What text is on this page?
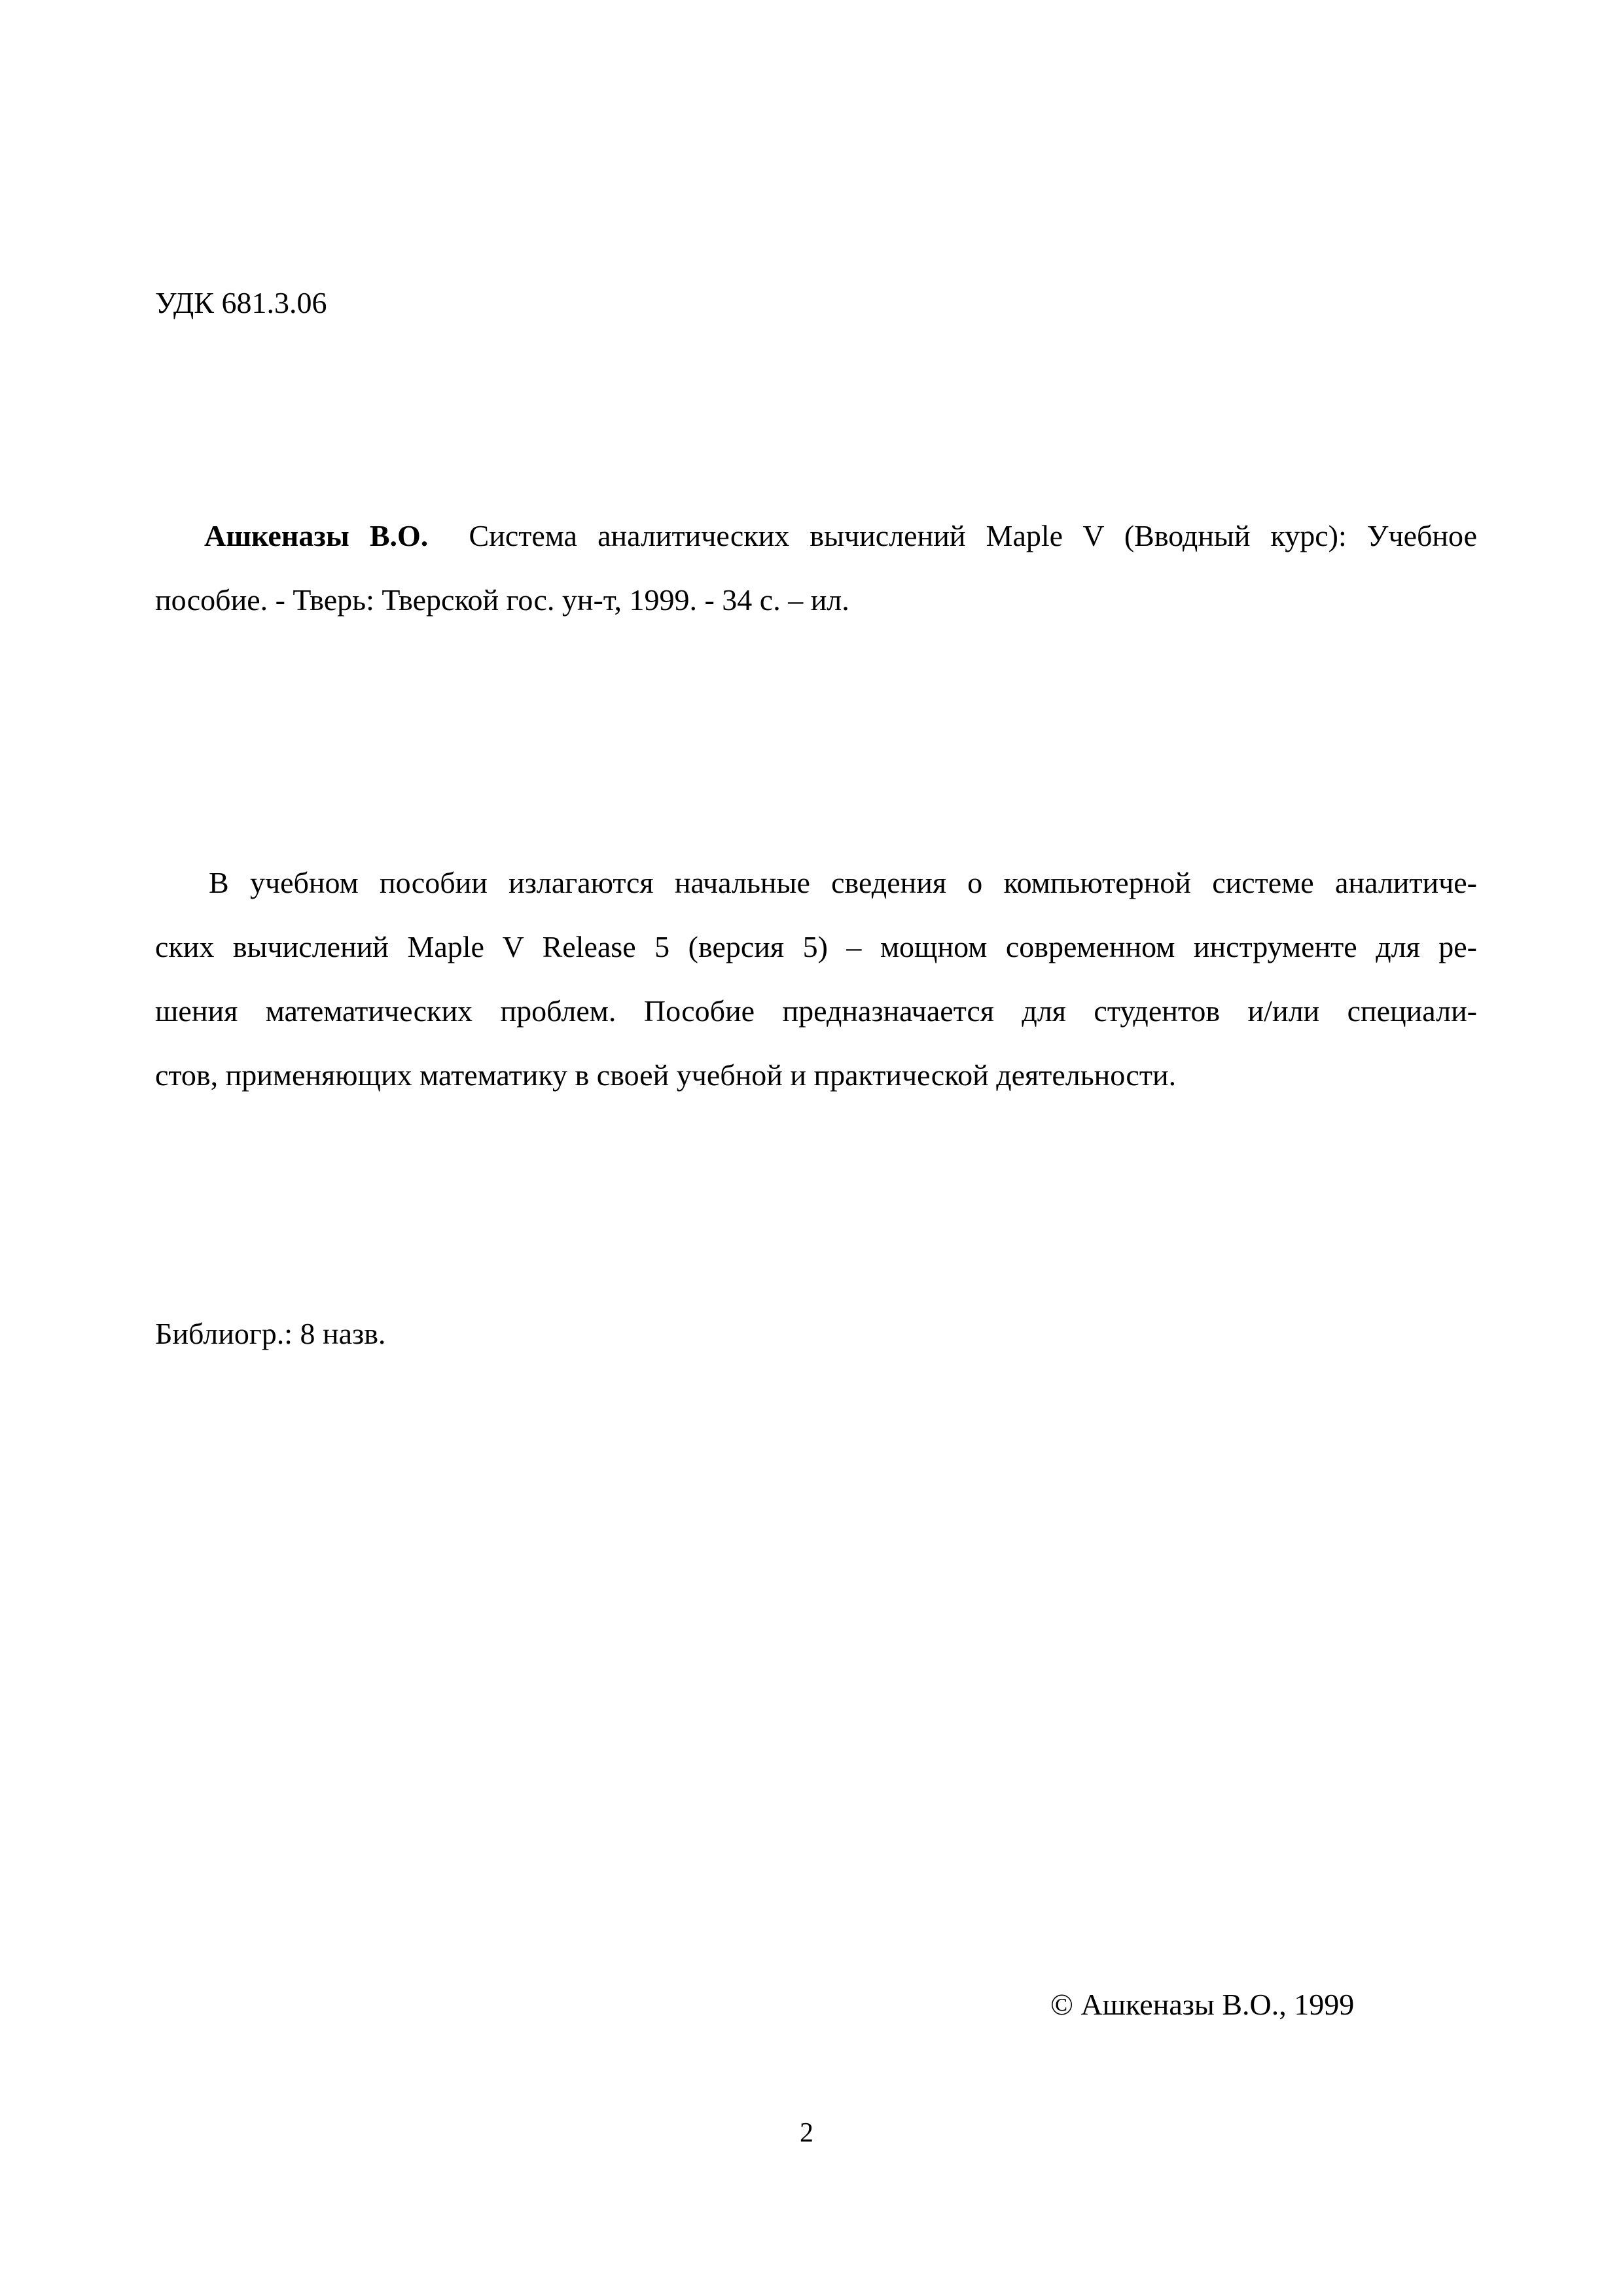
УДК 681.3.06
Ашкеназы В.О. Система аналитических вычислений Maple V (Вводный курс): Учебное
пособие. - Тверь: Тверской гос. ун-т, 1999. - 34 с. – ил.
В учебном пособии излагаются начальные сведения о компьютерной системе аналитиче-
ских вычислений Maple V Release 5 (версия 5) – мощном современном инструменте для ре-
шения математических проблем. Пособие предназначается для студентов и/или специали-
стов, применяющих математику в своей учебной и практической деятельности.
Библиогр.: 8 назв.
© Ашкеназы В.О., 1999
2
